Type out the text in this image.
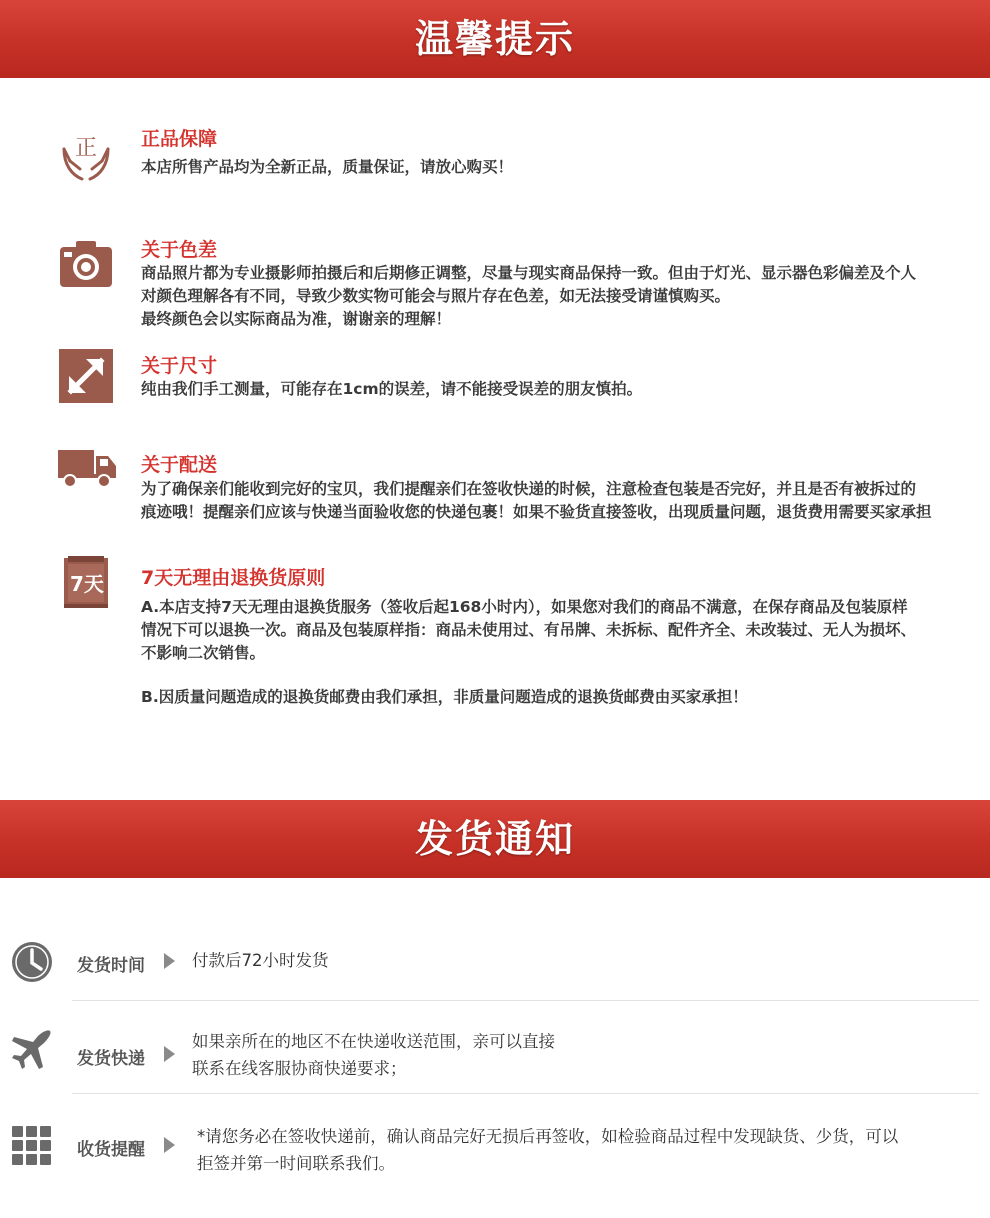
温馨提示
正 正品保障
本店所售产品均为全新正品，质量保证，请放心购买！
关于色差
商品照片都为专业摄影师拍摄后和后期修正调整，尽量与现实商品保持一致。但由于灯光、显示器色彩偏差及个人
对颜色理解各有不同，导致少数实物可能会与照片存在色差，如无法接受请谨慎购买。
最终颜色会以实际商品为准，谢谢亲的理解！
关于尺寸
纯由我们手工测量，可能存在1cm的误差，请不能接受误差的朋友慎拍。
关于配送
为了确保亲们能收到完好的宝贝，我们提醒亲们在签收快递的时候，注意检查包装是否完好，并且是否有被拆过的
痕迹哦！提醒亲们应该与快递当面验收您的快递包裹！如果不验货直接签收，出现质量问题，退货费用需要买家承担
7天 7天无理由退换货原则
A.本店支持7天无理由退换货服务（签收后起168小时内），如果您对我们的商品不满意，在保存商品及包装原样
情况下可以退换一次。商品及包装原样指：商品未使用过、有吊牌、未拆标、配件齐全、未改装过、无人为损坏、
不影响二次销售。
B.因质量问题造成的退换货邮费由我们承担，非质量问题造成的退换货邮费由买家承担！
发货通知
发货时间	付款后72小时发货
发货快递
如果亲所在的地区不在快递收送范围，亲可以直接
联系在线客服协商快递要求；
收货提醒
*请您务必在签收快递前，确认商品完好无损后再签收，如检验商品过程中发现缺货、少货，可以
拒签并第一时间联系我们。
